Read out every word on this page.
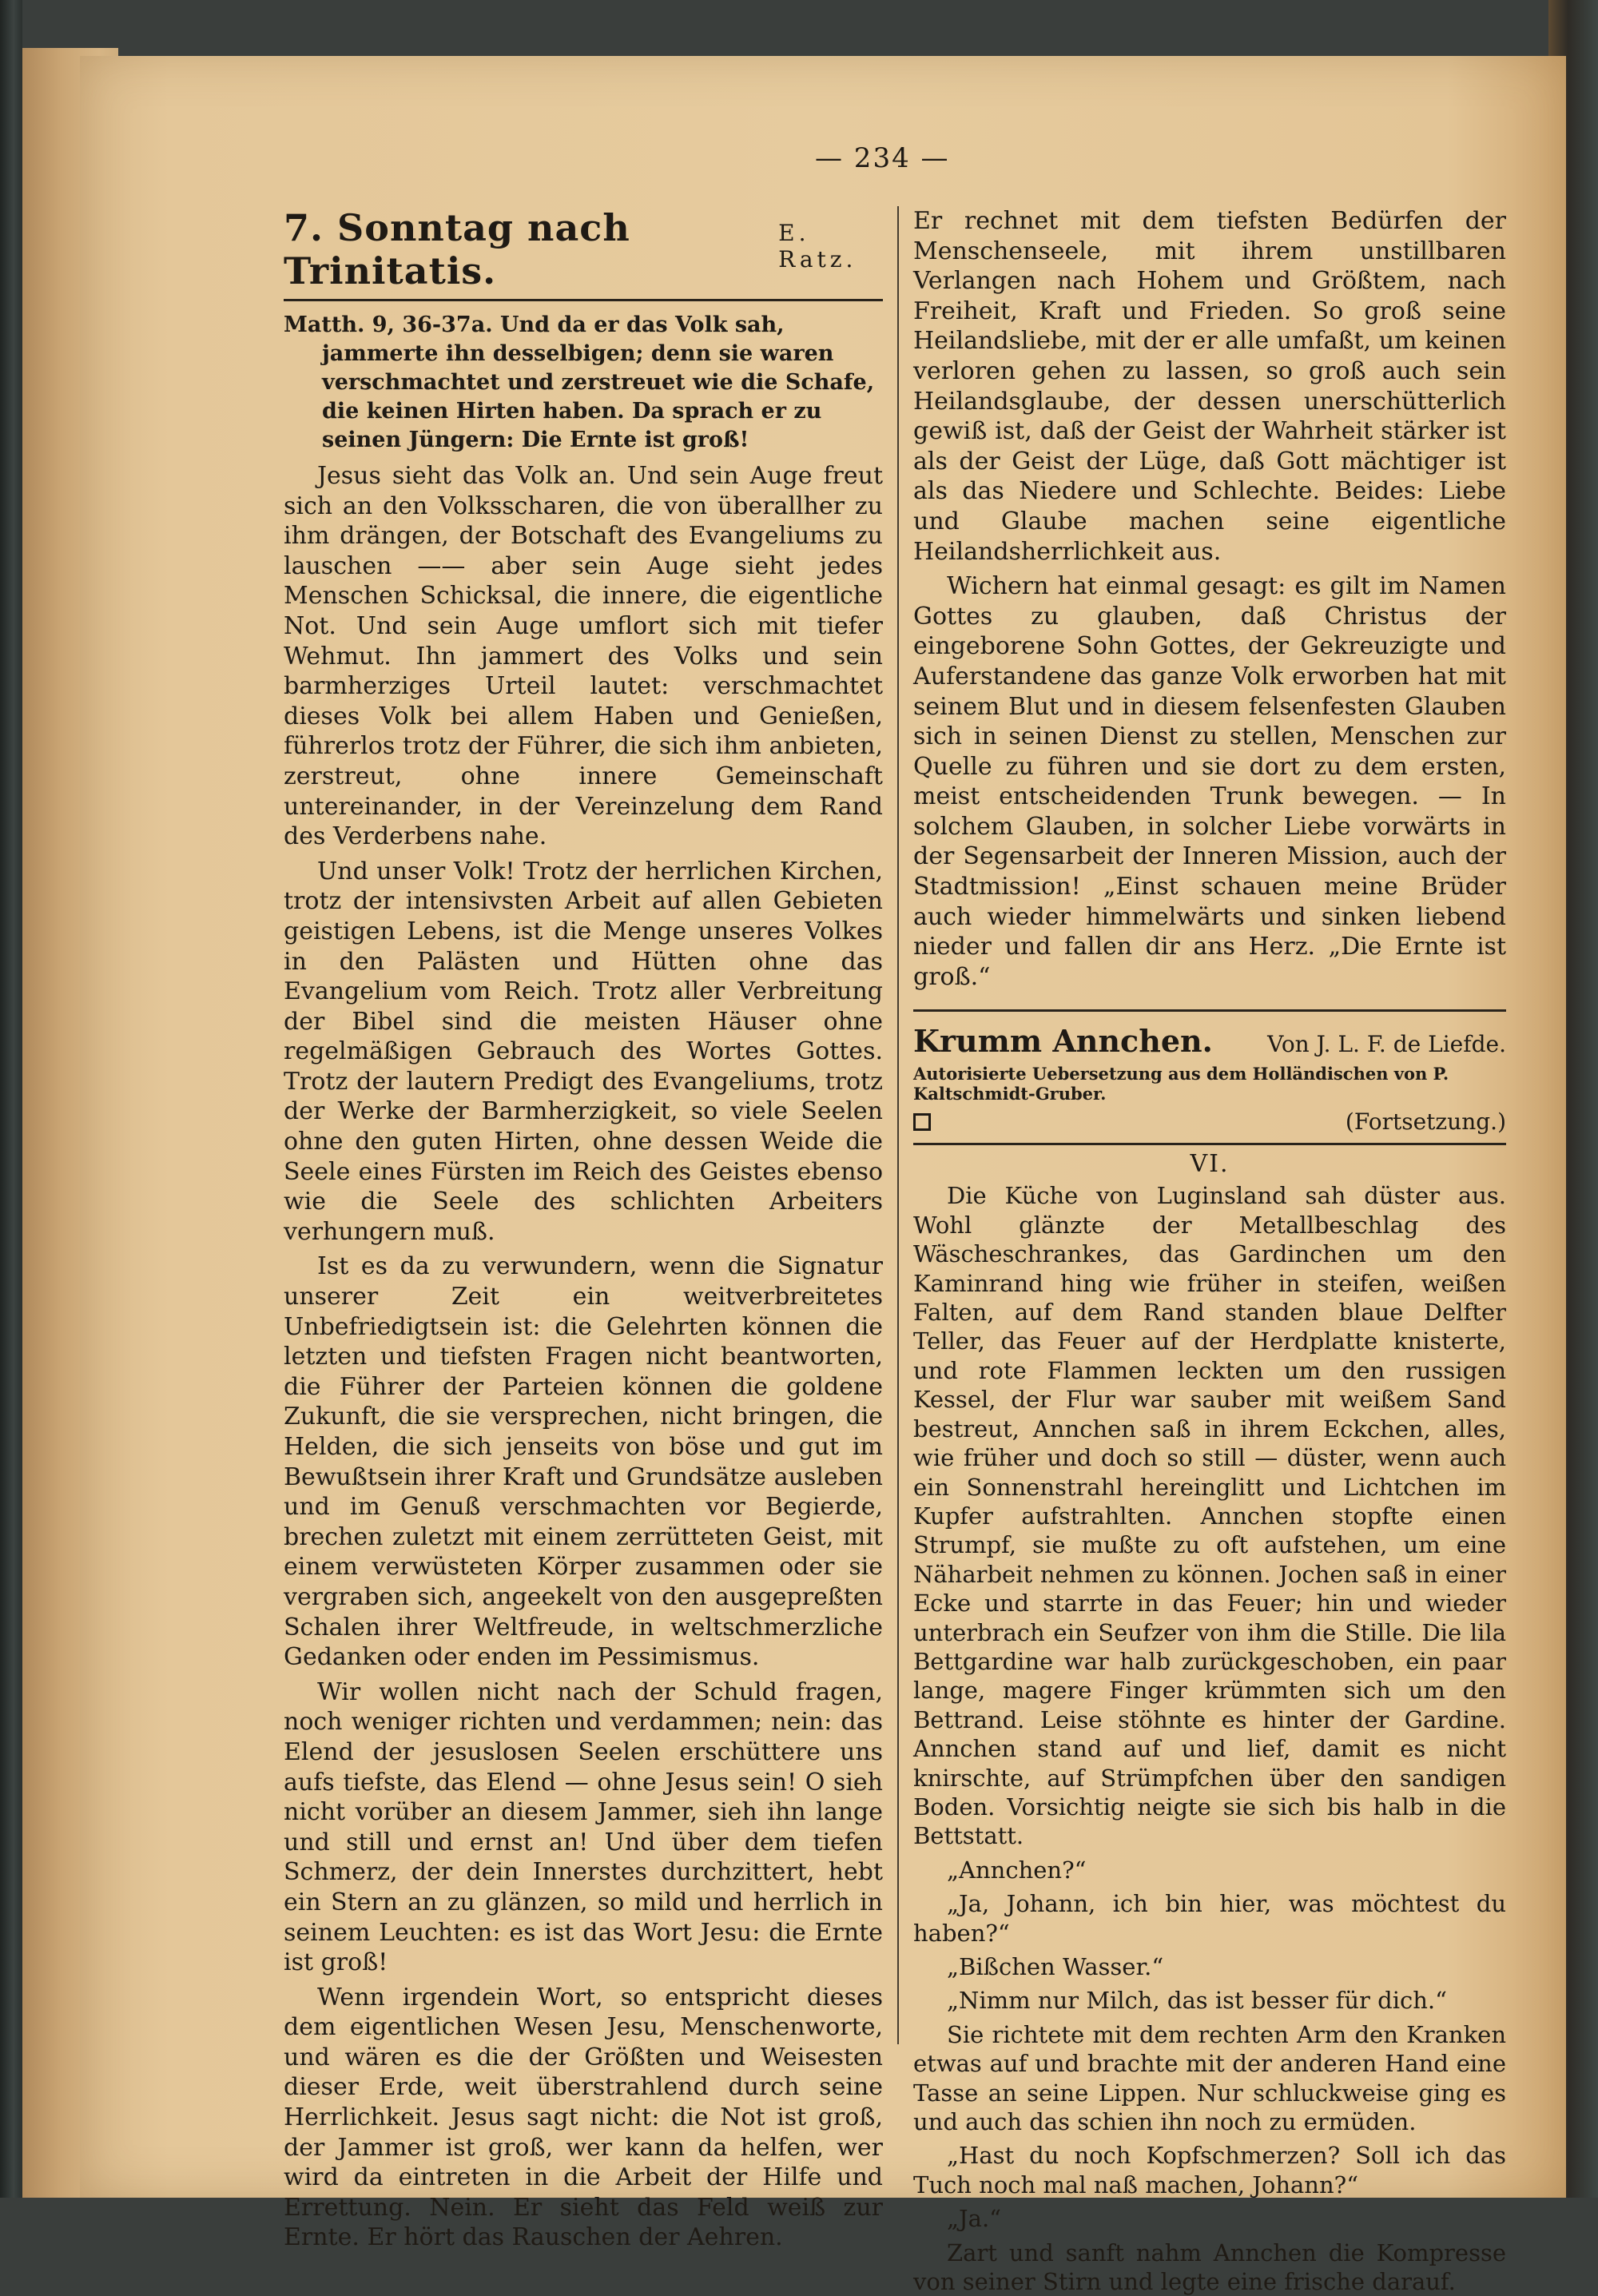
— 234 —
7. Sonntag nach Trinitatis.
E. Ratz.
Matth. 9, 36-37a. Und da er das Volk sah, jammerte ihn desselbigen; denn sie waren verschmachtet und zerstreuet wie die Schafe, die keinen Hirten haben. Da sprach er zu seinen Jüngern: Die Ernte ist groß!

Jesus sieht das Volk an. Und sein Auge freut sich an den Volksscharen, die von überallher zu ihm drängen, der Botschaft des Evangeliums zu lauschen —— aber sein Auge sieht jedes Menschen Schicksal, die innere, die eigentliche Not. Und sein Auge umflort sich mit tiefer Wehmut. Ihn jammert des Volks und sein barmherziges Urteil lautet: verschmachtet dieses Volk bei allem Haben und Genießen, führerlos trotz der Führer, die sich ihm anbieten, zerstreut, ohne innere Gemeinschaft untereinander, in der Vereinzelung dem Rand des Verderbens nahe.

Und unser Volk! Trotz der herrlichen Kirchen, trotz der intensivsten Arbeit auf allen Gebieten geistigen Lebens, ist die Menge unseres Volkes in den Palästen und Hütten ohne das Evangelium vom Reich. Trotz aller Verbreitung der Bibel sind die meisten Häuser ohne regelmäßigen Gebrauch des Wortes Gottes. Trotz der lautern Predigt des Evangeliums, trotz der Werke der Barmherzigkeit, so viele Seelen ohne den guten Hirten, ohne dessen Weide die Seele eines Fürsten im Reich des Geistes ebenso wie die Seele des schlichten Arbeiters verhungern muß.

Ist es da zu verwundern, wenn die Signatur unserer Zeit ein weitverbreitetes Unbefriedigtsein ist: die Gelehrten können die letzten und tiefsten Fragen nicht beantworten, die Führer der Parteien können die goldene Zukunft, die sie versprechen, nicht bringen, die Helden, die sich jenseits von böse und gut im Bewußtsein ihrer Kraft und Grundsätze ausleben und im Genuß verschmachten vor Begierde, brechen zuletzt mit einem zerrütteten Geist, mit einem verwüsteten Körper zusammen oder sie vergraben sich, angeekelt von den ausgepreßten Schalen ihrer Weltfreude, in weltschmerzliche Gedanken oder enden im Pessimismus.

Wir wollen nicht nach der Schuld fragen, noch weniger richten und verdammen; nein: das Elend der jesuslosen Seelen erschüttere uns aufs tiefste, das Elend — ohne Jesus sein! O sieh nicht vorüber an diesem Jammer, sieh ihn lange und still und ernst an! Und über dem tiefen Schmerz, der dein Innerstes durchzittert, hebt ein Stern an zu glänzen, so mild und herrlich in seinem Leuchten: es ist das Wort Jesu: die Ernte ist groß!

Wenn irgendein Wort, so entspricht dieses dem eigentlichen Wesen Jesu, Menschenworte, und wären es die der Größten und Weisesten dieser Erde, weit überstrahlend durch seine Herrlichkeit. Jesus sagt nicht: die Not ist groß, der Jammer ist groß, wer kann da helfen, wer wird da eintreten in die Arbeit der Hilfe und Errettung. Nein. Er sieht das Feld weiß zur Ernte. Er hört das Rauschen der Aehren.

Er rechnet mit dem tiefsten Bedürfen der Menschenseele, mit ihrem unstillbaren Verlangen nach Hohem und Größtem, nach Freiheit, Kraft und Frieden. So groß seine Heilandsliebe, mit der er alle umfaßt, um keinen verloren gehen zu lassen, so groß auch sein Heilandsglaube, der dessen unerschütterlich gewiß ist, daß der Geist der Wahrheit stärker ist als der Geist der Lüge, daß Gott mächtiger ist als das Niedere und Schlechte. Beides: Liebe und Glaube machen seine eigentliche Heilandsherrlichkeit aus.

Wichern hat einmal gesagt: es gilt im Namen Gottes zu glauben, daß Christus der eingeborene Sohn Gottes, der Gekreuzigte und Auferstandene das ganze Volk erworben hat mit seinem Blut und in diesem felsenfesten Glauben sich in seinen Dienst zu stellen, Menschen zur Quelle zu führen und sie dort zu dem ersten, meist entscheidenden Trunk bewegen. — In solchem Glauben, in solcher Liebe vorwärts in der Segensarbeit der Inneren Mission, auch der Stadtmission! „Einst schauen meine Brüder auch wieder himmelwärts und sinken liebend nieder und fallen dir ans Herz. „Die Ernte ist groß.“

Krumm Annchen. Von J. L. F. de Liefde.
Autorisierte Uebersetzung aus dem Holländischen von P. Kaltschmidt-Gruber.
(Fortsetzung.)
VI.

Die Küche von Luginsland sah düster aus. Wohl glänzte der Metallbeschlag des Wäscheschrankes, das Gardinchen um den Kaminrand hing wie früher in steifen, weißen Falten, auf dem Rand standen blaue Delfter Teller, das Feuer auf der Herdplatte knisterte, und rote Flammen leckten um den russigen Kessel, der Flur war sauber mit weißem Sand bestreut, Annchen saß in ihrem Eckchen, alles, wie früher und doch so still — düster, wenn auch ein Sonnenstrahl hereinglitt und Lichtchen im Kupfer aufstrahlten. Annchen stopfte einen Strumpf, sie mußte zu oft aufstehen, um eine Näharbeit nehmen zu können. Jochen saß in einer Ecke und starrte in das Feuer; hin und wieder unterbrach ein Seufzer von ihm die Stille. Die lila Bettgardine war halb zurückgeschoben, ein paar lange, magere Finger krümmten sich um den Bettrand. Leise stöhnte es hinter der Gardine. Annchen stand auf und lief, damit es nicht knirschte, auf Strümpfchen über den sandigen Boden. Vorsichtig neigte sie sich bis halb in die Bettstatt.

„Annchen?“

„Ja, Johann, ich bin hier, was möchtest du haben?“

„Bißchen Wasser.“

„Nimm nur Milch, das ist besser für dich.“

Sie richtete mit dem rechten Arm den Kranken etwas auf und brachte mit der anderen Hand eine Tasse an seine Lippen. Nur schluckweise ging es und auch das schien ihn noch zu ermüden.

„Hast du noch Kopfschmerzen? Soll ich das Tuch noch mal naß machen, Johann?“

„Ja.“

Zart und sanft nahm Annchen die Kompresse von seiner Stirn und legte eine frische darauf.
